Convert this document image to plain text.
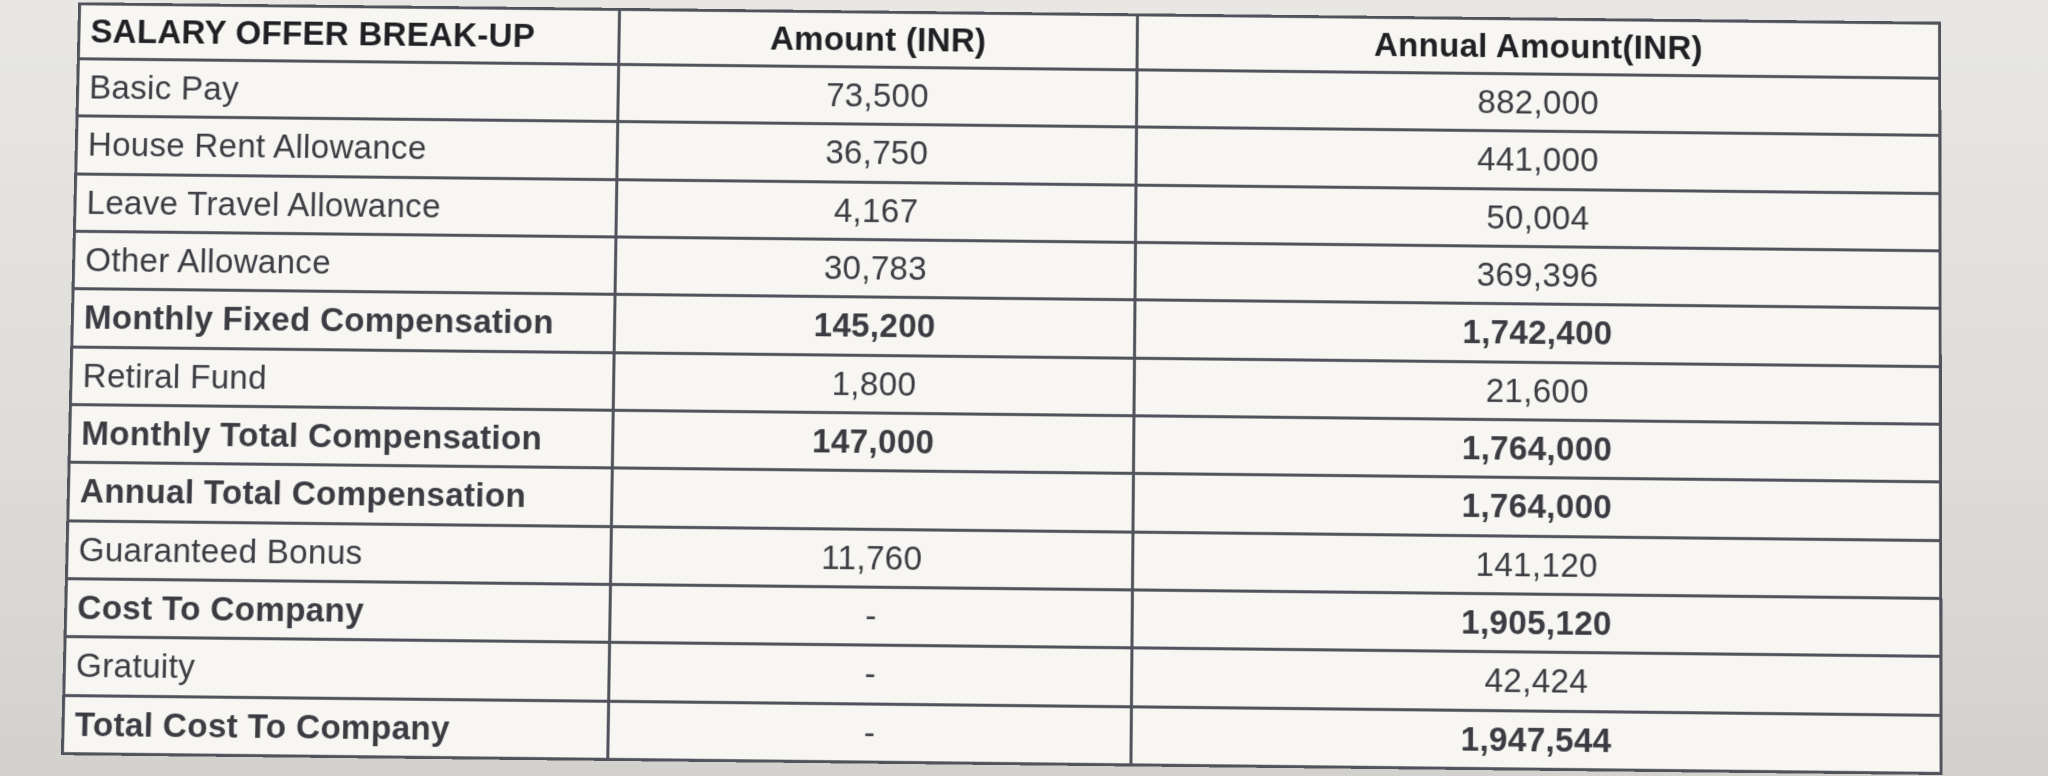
SALARY OFFER BREAK-UP	Amount (INR)	Annual Amount(INR)
Basic Pay	73,500	882,000
House Rent Allowance	36,750	441,000
Leave Travel Allowance	4,167	50,004
Other Allowance	30,783	369,396
Monthly Fixed Compensation	145,200	1,742,400
Retiral Fund	1,800	21,600
Monthly Total Compensation	147,000	1,764,000
Annual Total Compensation		1,764,000
Guaranteed Bonus	11,760	141,120
Cost To Company	-	1,905,120
Gratuity	-	42,424
Total Cost To Company	-	1,947,544
